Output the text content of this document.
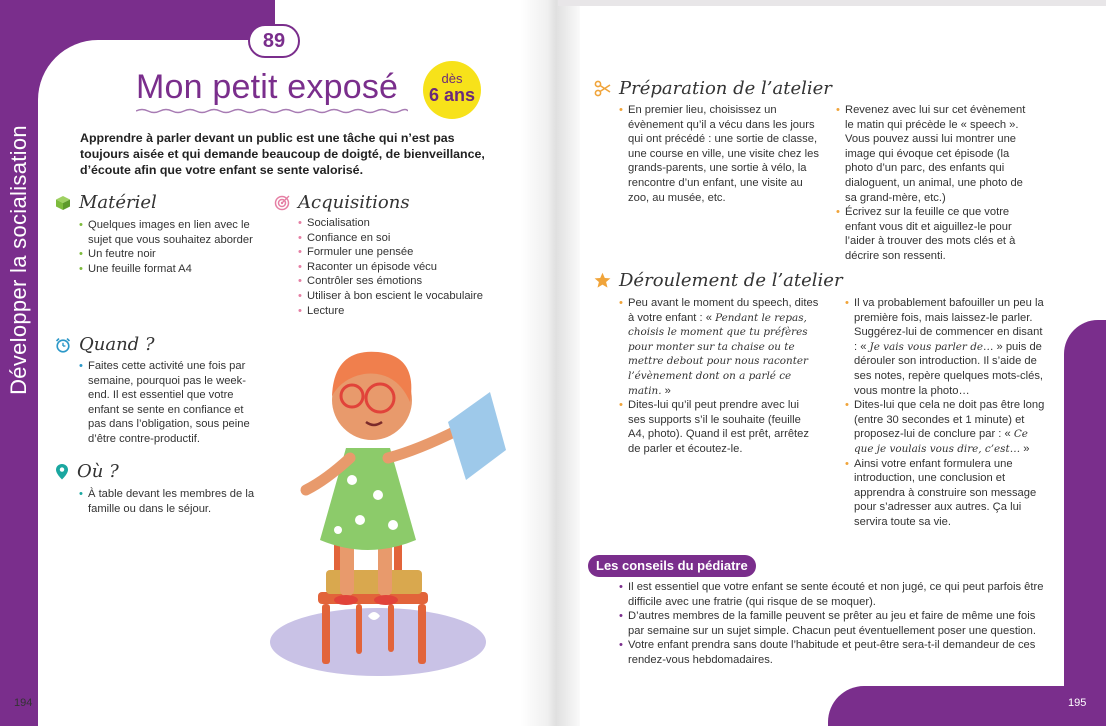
Développer la socialisation
89
Mon petit exposé	dès
6 ans

Apprendre à parler devant un public est une tâche qui n’est pas toujours aisée et qui demande beaucoup de doigté, de bienveillance, d’écoute afin que votre enfant se sente valorisé.

Matériel
• Quelques images en lien avec le sujet que vous souhaitez aborder
• Un feutre noir
• Une feuille format A4
Acquisitions
• Socialisation
• Confiance en soi
• Formuler une pensée
• Raconter un épisode vécu
• Contrôler ses émotions
• Utiliser à bon escient le vocabulaire
• Lecture
Quand ?
• Faites cette activité une fois par semaine, pourquoi pas le week-end. Il est essentiel que votre enfant se sente en confiance et pas dans l’obligation, sous peine d’être contre-productif.
Où ?
• À table devant les membres de la famille ou dans le séjour.
Préparation de l’atelier
• En premier lieu, choisissez un évènement qu’il a vécu dans les jours qui ont précédé : une sortie de classe, une course en ville, une visite chez les grands-parents, une sortie à vélo, la rencontre d’un enfant, une visite au zoo, au musée, etc.
• Revenez avec lui sur cet évènement le matin qui précède le « speech ». Vous pouvez aussi lui montrer une image qui évoque cet épisode (la photo d’un parc, des enfants qui dialoguent, un animal, une photo de sa grand-mère, etc.)
• Écrivez sur la feuille ce que votre enfant vous dit et aiguillez-le pour l’aider à trouver des mots clés et à décrire son ressenti.
Déroulement de l’atelier
• Peu avant le moment du speech, dites à votre enfant : « Pendant le repas, choisis le moment que tu préfères pour monter sur ta chaise ou te mettre debout pour nous raconter l’évènement dont on a parlé ce matin. »
• Dites-lui qu’il peut prendre avec lui ses supports s’il le souhaite (feuille A4, photo). Quand il est prêt, arrêtez de parler et écoutez-le.
• Il va probablement bafouiller un peu la première fois, mais laissez-le parler. Suggérez-lui de commencer en disant : « Je vais vous parler de… » puis de dérouler son introduction. Il s’aide de ses notes, repère quelques mots-clés, vous montre la photo…
• Dites-lui que cela ne doit pas être long (entre 30 secondes et 1 minute) et proposez-lui de conclure par : « Ce que je voulais vous dire, c’est… »
• Ainsi votre enfant formulera une introduction, une conclusion et apprendra à construire son message pour s’adresser aux autres. Ça lui servira toute sa vie.
Les conseils du pédiatre
• Il est essentiel que votre enfant se sente écouté et non jugé, ce qui peut parfois être difficile avec une fratrie (qui risque de se moquer).
• D’autres membres de la famille peuvent se prêter au jeu et faire de même une fois par semaine sur un sujet simple. Chacun peut éventuellement poser une question.
• Votre enfant prendra sans doute l’habitude et peut-être sera-t-il demandeur de ces rendez-vous hebdomadaires.
194	195
